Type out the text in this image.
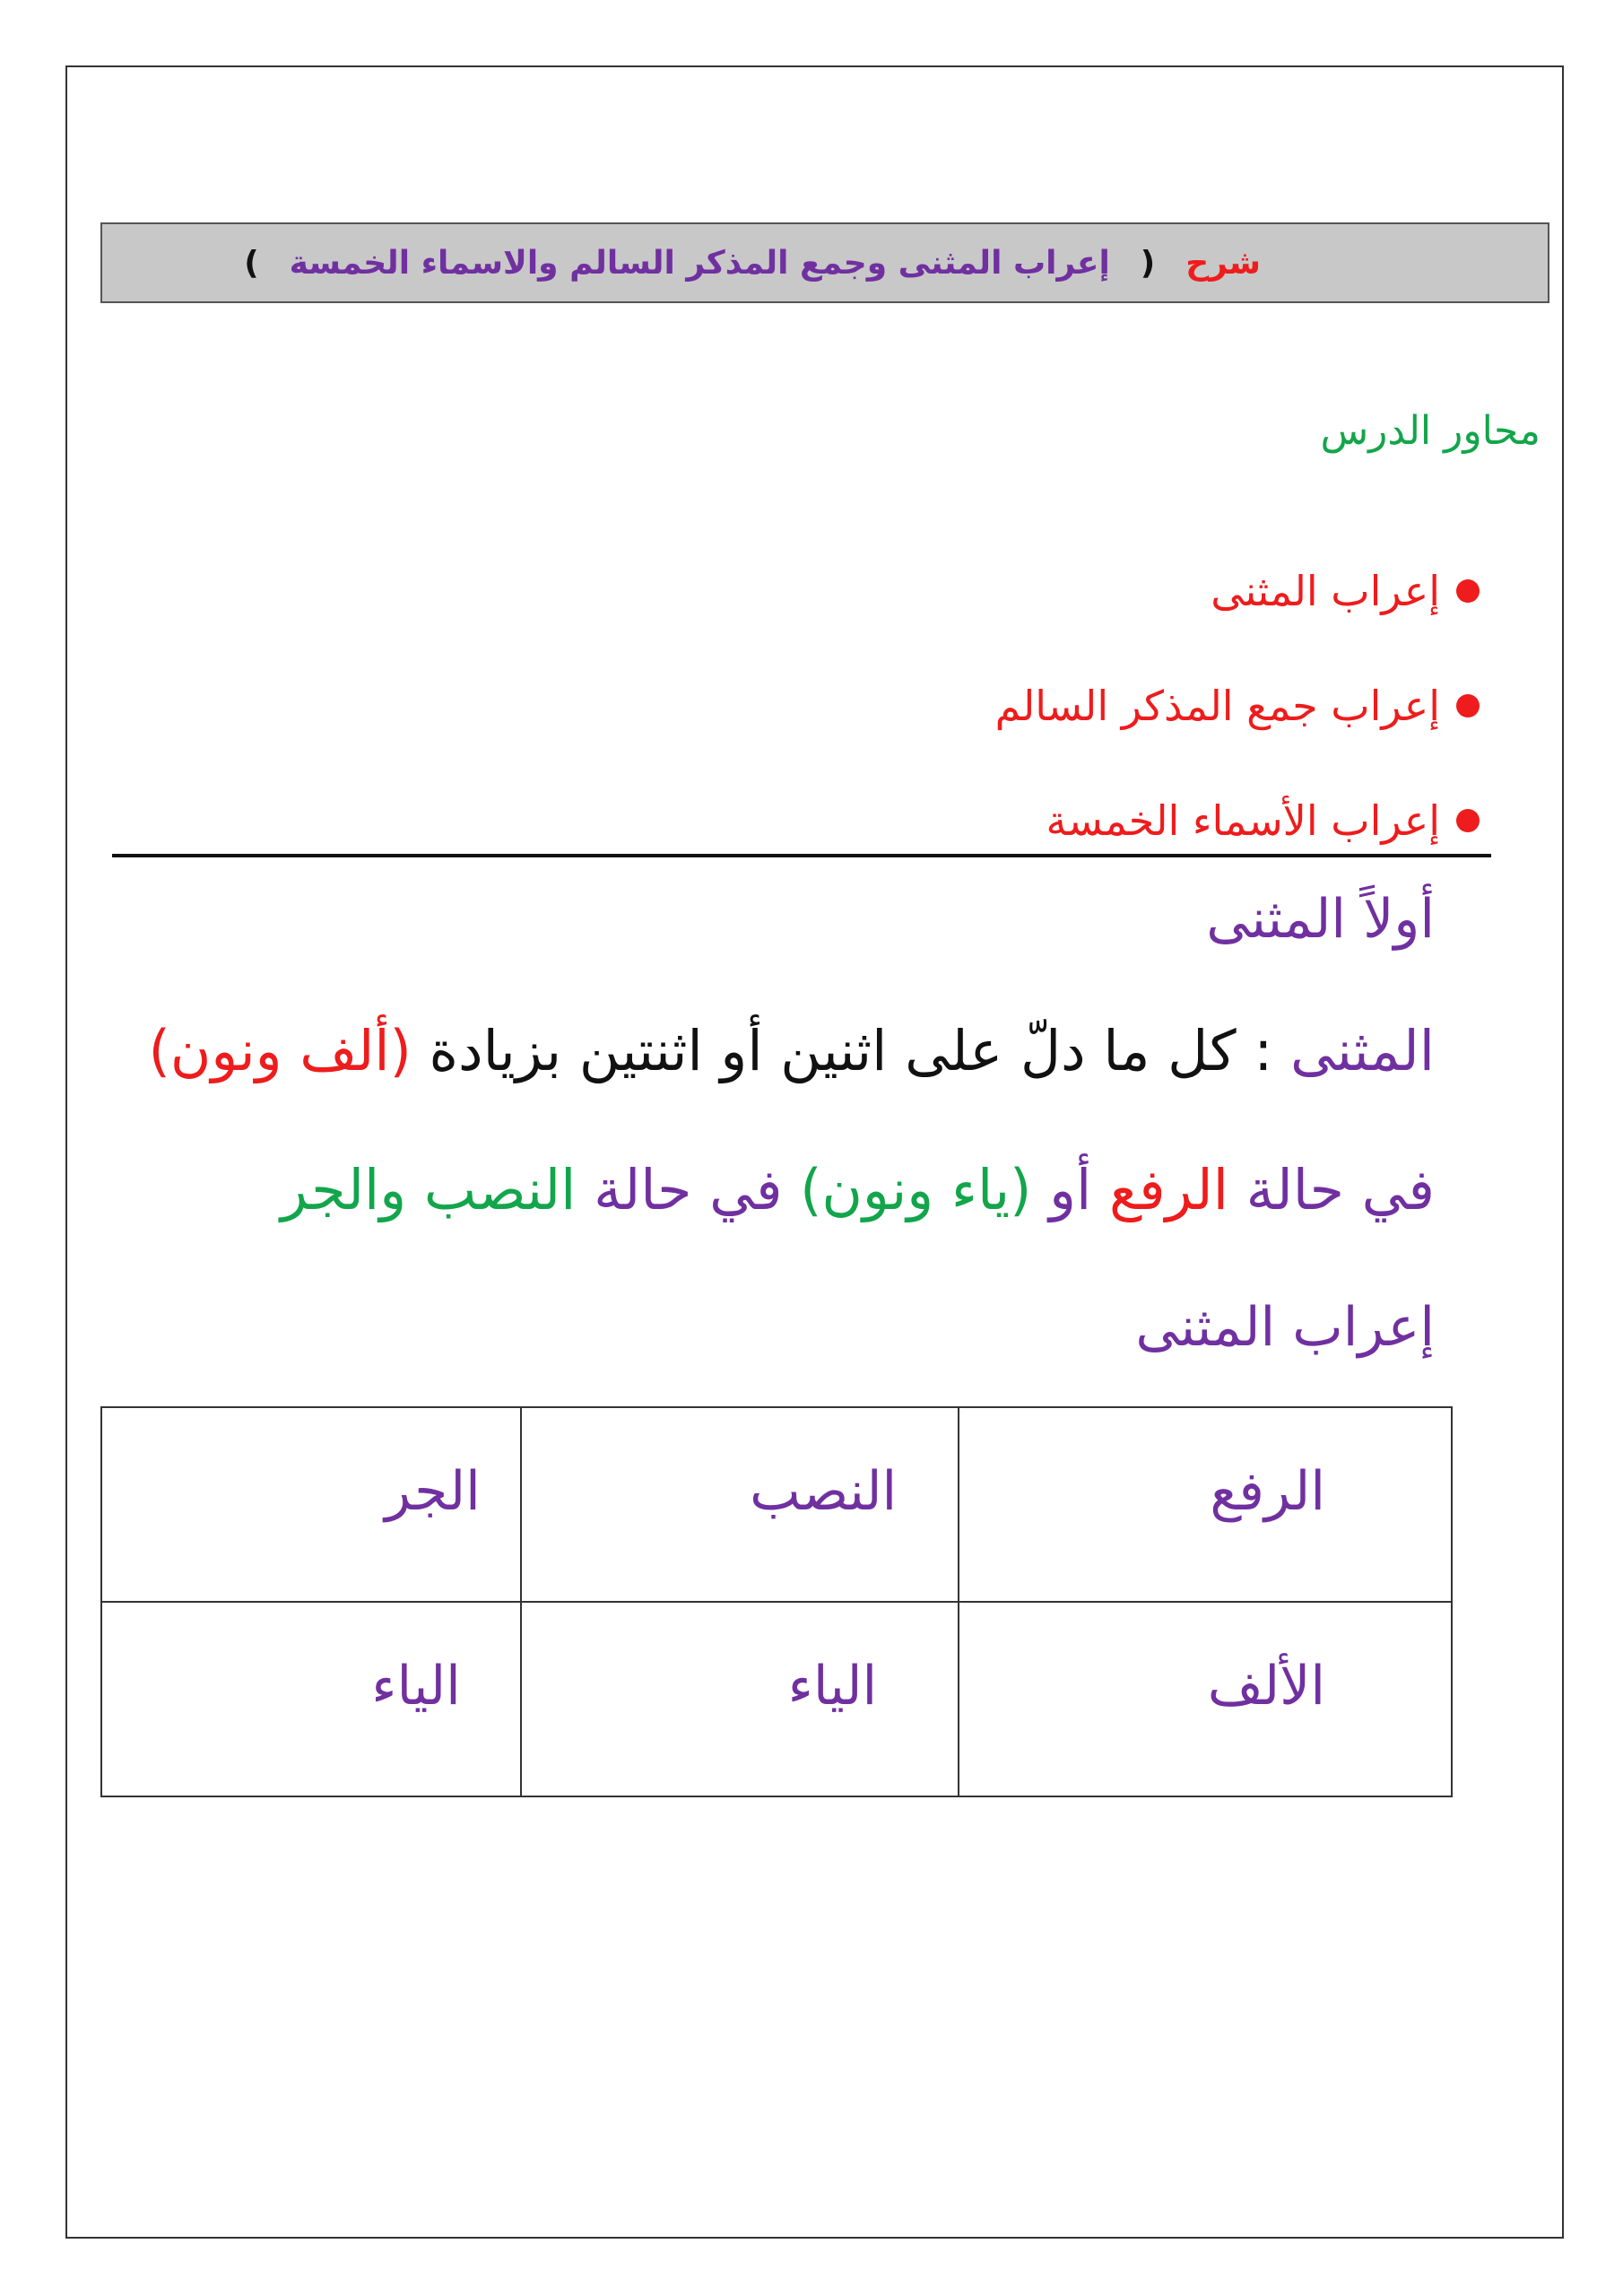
شرح
(
إعراب المثنى وجمع المذكر السالم والاسماء الخمسة
)
محاور الدرس
إعراب المثنى
إعراب جمع المذكر السالم
إعراب الأسماء الخمسة
أولاً المثنى
المثنى : كل ما دلّ على اثنين أو اثنتين بزيادة (ألف ونون)
في حالة الرفع أو (ياء ونون) في حالة النصب والجر
إعراب المثنى
الرفع	النصب	الجر
الألف	الياء	الياء
